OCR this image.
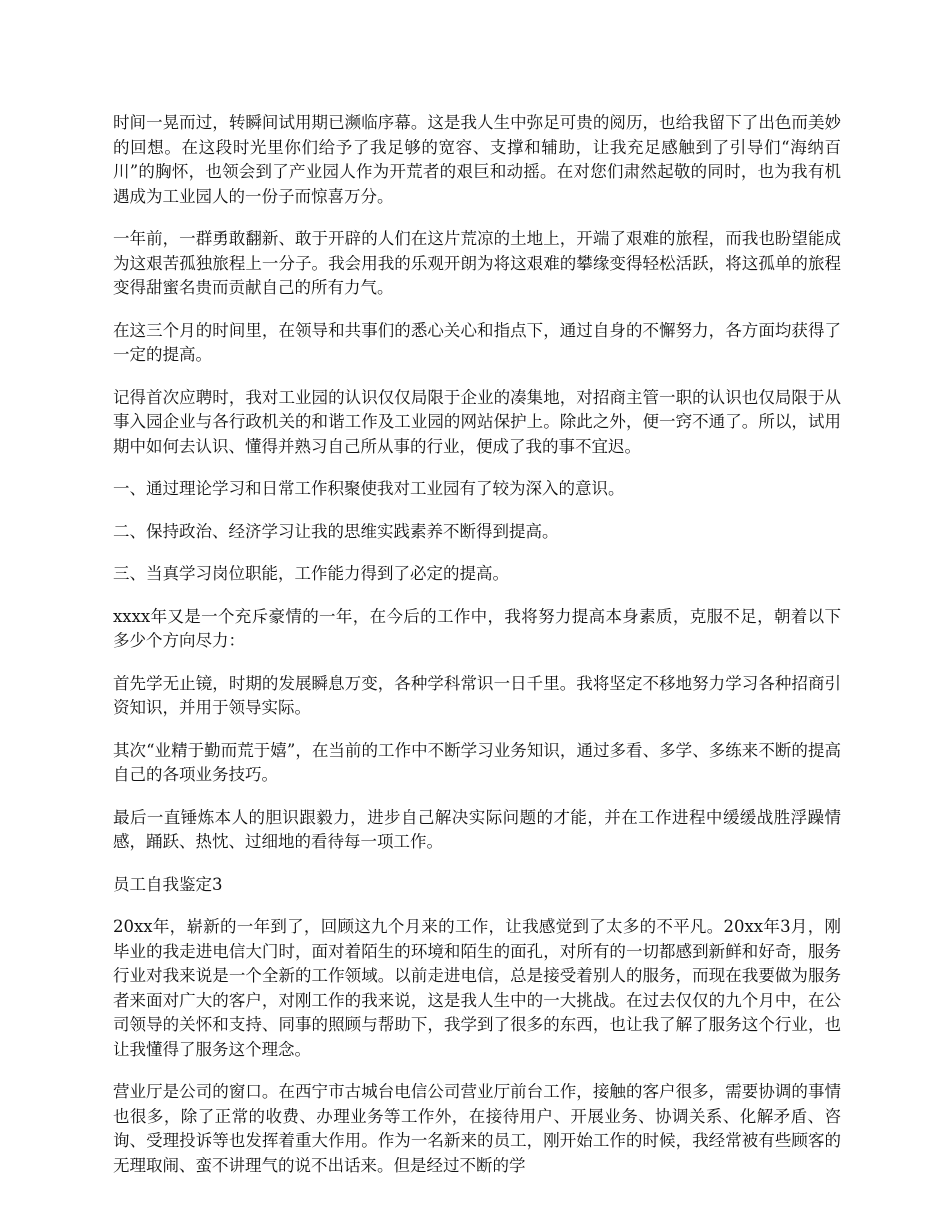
时间一晃而过，转瞬间试用期已濒临序幕。这是我人生中弥足可贵的阅历，也给我留下了出色而美妙的回想。在这段时光里你们给予了我足够的宽容、支撑和辅助，让我充足感触到了引导们“海纳百川”的胸怀，也领会到了产业园人作为开荒者的艰巨和动摇。在对您们肃然起敬的同时，也为我有机遇成为工业园人的一份子而惊喜万分。

一年前，一群勇敢翻新、敢于开辟的人们在这片荒凉的土地上，开端了艰难的旅程，而我也盼望能成为这艰苦孤独旅程上一分子。我会用我的乐观开朗为将这艰难的攀缘变得轻松活跃，将这孤单的旅程变得甜蜜名贵而贡献自己的所有力气。

在这三个月的时间里，在领导和共事们的悉心关心和指点下，通过自身的不懈努力，各方面均获得了一定的提高。

记得首次应聘时，我对工业园的认识仅仅局限于企业的凑集地，对招商主管一职的认识也仅局限于从事入园企业与各行政机关的和谐工作及工业园的网站保护上。除此之外，便一窍不通了。所以，试用期中如何去认识、懂得并熟习自己所从事的行业，便成了我的事不宜迟。

一、通过理论学习和日常工作积聚使我对工业园有了较为深入的意识。

二、保持政治、经济学习让我的思维实践素养不断得到提高。

三、当真学习岗位职能，工作能力得到了必定的提高。

xxxx年又是一个充斥豪情的一年，在今后的工作中，我将努力提高本身素质，克服不足，朝着以下多少个方向尽力：

首先学无止镜，时期的发展瞬息万变，各种学科常识一日千里。我将坚定不移地努力学习各种招商引资知识，并用于领导实际。

其次“业精于勤而荒于嬉”，在当前的工作中不断学习业务知识，通过多看、多学、多练来不断的提高自己的各项业务技巧。

最后一直锤炼本人的胆识跟毅力，进步自己解决实际问题的才能，并在工作进程中缓缓战胜浮躁情感，踊跃、热忱、过细地的看待每一项工作。

员工自我鉴定3

20xx年，崭新的一年到了，回顾这九个月来的工作，让我感觉到了太多的不平凡。20xx年3月，刚毕业的我走进电信大门时，面对着陌生的环境和陌生的面孔，对所有的一切都感到新鲜和好奇，服务行业对我来说是一个全新的工作领域。以前走进电信，总是接受着别人的服务，而现在我要做为服务者来面对广大的客户，对刚工作的我来说，这是我人生中的一大挑战。在过去仅仅的九个月中，在公司领导的关怀和支持、同事的照顾与帮助下，我学到了很多的东西，也让我了解了服务这个行业，也让我懂得了服务这个理念。

营业厅是公司的窗口。在西宁市古城台电信公司营业厅前台工作，接触的客户很多，需要协调的事情也很多，除了正常的收费、办理业务等工作外，在接待用户、开展业务、协调关系、化解矛盾、咨询、受理投诉等也发挥着重大作用。作为一名新来的员工，刚开始工作的时候，我经常被有些顾客的无理取闹、蛮不讲理气的说不出话来。但是经过不断的学
